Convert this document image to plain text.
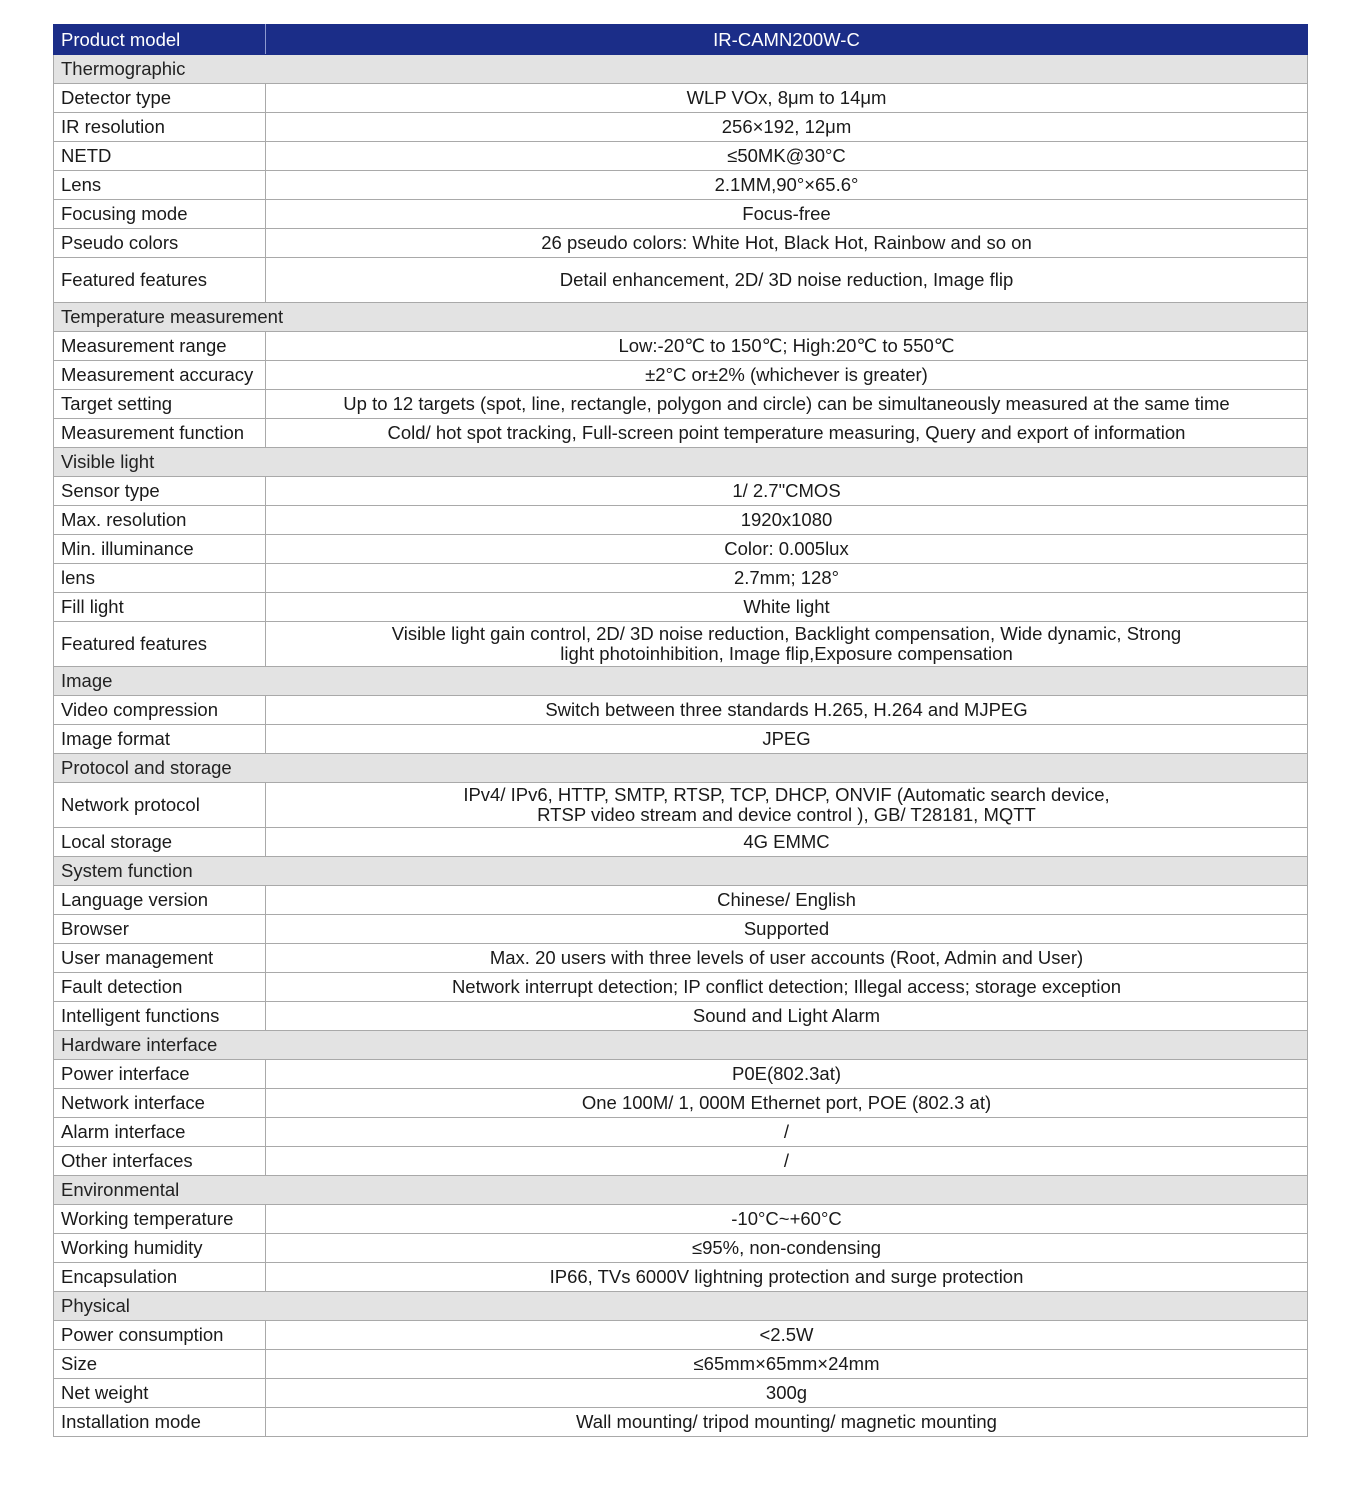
Product model	IR-CAMN200W-C
Thermographic	
Detector type	WLP VOx, 8μm to 14μm
IR resolution	256×192, 12μm
NETD	≤50MK@30°C
Lens	2.1MM,90°×65.6°
Focusing mode	Focus-free
Pseudo colors	26 pseudo colors: White Hot, Black Hot, Rainbow and so on
Featured features	Detail enhancement, 2D/ 3D noise reduction, Image flip
Temperature measurement	
Measurement range	Low:-20℃ to 150℃; High:20℃ to 550℃
Measurement accuracy	±2°C or±2% (whichever is greater)
Target setting	Up to 12 targets (spot, line, rectangle, polygon and circle) can be simultaneously measured at the same time
Measurement function	Cold/ hot spot tracking, Full-screen point temperature measuring, Query and export of information
Visible light	
Sensor type	1/ 2.7"CMOS
Max. resolution	1920x1080
Min. illuminance	Color: 0.005lux
lens	2.7mm; 128°
Fill light	White light
Featured features	Visible light gain control, 2D/ 3D noise reduction, Backlight compensation, Wide dynamic, Strong
light photoinhibition, Image flip,Exposure compensation

Image	
Video compression	Switch between three standards H.265, H.264 and MJPEG
Image format	JPEG
Protocol and storage	
Network protocol	IPv4/ IPv6, HTTP, SMTP, RTSP, TCP, DHCP, ONVIF (Automatic search device,
RTSP video stream and device control ), GB/ T28181, MQTT

Local storage	4G EMMC
System function	
Language version	Chinese/ English
Browser	Supported
User management	Max. 20 users with three levels of user accounts (Root, Admin and User)
Fault detection	Network interrupt detection; IP conflict detection; Illegal access; storage exception
Intelligent functions	Sound and Light Alarm
Hardware interface	
Power interface	P0E(802.3at)
Network interface	One 100M/ 1, 000M Ethernet port, POE (802.3 at)
Alarm interface	/
Other interfaces	/
Environmental	
Working temperature	-10°C~+60°C
Working humidity	≤95%, non-condensing
Encapsulation	IP66, TVs 6000V lightning protection and surge protection
Physical	
Power consumption	<2.5W
Size	≤65mm×65mm×24mm
Net weight	300g
Installation mode	Wall mounting/ tripod mounting/ magnetic mounting
